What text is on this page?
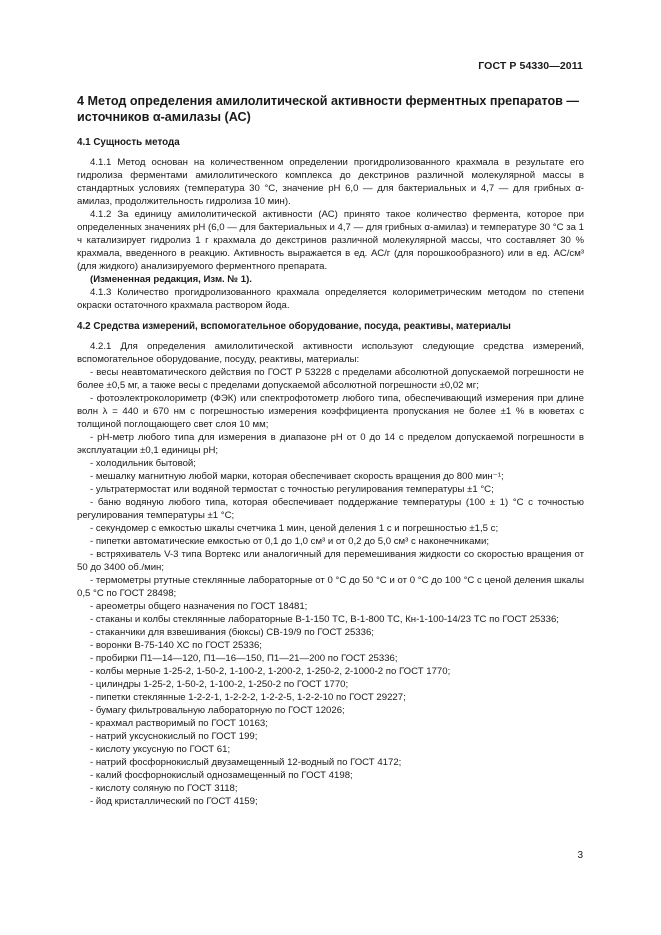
ГОСТ Р 54330—2011
4 Метод определения амилолитической активности ферментных препаратов — источников α-амилазы (АС)
4.1 Сущность метода

4.1.1 Метод основан на количественном определении прогидролизованного крахмала в результате его гидролиза ферментами амилолитического комплекса до декстринов различной молекулярной массы в стандартных условиях (температура 30 °С, значение рН 6,0 — для бактериальных и 4,7 — для грибных α-амилаз, продолжительность гидролиза 10 мин).

4.1.2 За единицу амилолитической активности (АС) принято такое количество фермента, которое при определенных значениях рН (6,0 — для бактериальных и 4,7 — для грибных α-амилаз) и температуре 30 °С за 1 ч катализирует гидролиз 1 г крахмала до декстринов различной молекулярной массы, что составляет 30 % крахмала, введенного в реакцию. Активность выражается в ед. АС/г (для порошкообразного) или в ед. АС/см³ (для жидкого) анализируемого ферментного препарата.

(Измененная редакция, Изм. № 1).

4.1.3 Количество прогидролизованного крахмала определяется колориметрическим методом по степени окраски остаточного крахмала раствором йода.

4.2 Средства измерений, вспомогательное оборудование, посуда, реактивы, материалы

4.2.1 Для определения амилолитической активности используют следующие средства измерений, вспомогательное оборудование, посуду, реактивы, материалы:

- весы неавтоматического действия по ГОСТ Р 53228 с пределами абсолютной допускаемой погрешности не более ±0,5 мг, а также весы с пределами допускаемой абсолютной погрешности ±0,02 мг;

- фотоэлектроколориметр (ФЭК) или спектрофотометр любого типа, обеспечивающий измерения при длине волн λ = 440 и 670 нм с погрешностью измерения коэффициента пропускания не более ±1 % в кюветах с толщиной поглощающего свет слоя 10 мм;

- рН-метр любого типа для измерения в диапазоне рН от 0 до 14 с пределом допускаемой погрешности в эксплуатации ±0,1 единицы рН;

- холодильник бытовой;

- мешалку магнитную любой марки, которая обеспечивает скорость вращения до 800 мин⁻¹;

- ультратермостат или водяной термостат с точностью регулирования температуры ±1 °С;

- баню водяную любого типа, которая обеспечивает поддержание температуры (100 ± 1) °С с точностью регулирования температуры ±1 °С;

- секундомер с емкостью шкалы счетчика 1 мин, ценой деления 1 с и погрешностью ±1,5 с;

- пипетки автоматические емкостью от 0,1 до 1,0 см³ и от 0,2 до 5,0 см³ с наконечниками;

- встряхиватель V-3 типа Вортекс или аналогичный для перемешивания жидкости со скоростью вращения от 50 до 3400 об./мин;

- термометры ртутные стеклянные лабораторные от 0 °С до 50 °С и от 0 °С до 100 °С с ценой деления шкалы 0,5 °С по ГОСТ 28498;

- ареометры общего назначения по ГОСТ 18481;

- стаканы и колбы стеклянные лабораторные В-1-150 ТС, В-1-800 ТС, Кн-1-100-14/23 ТС по ГОСТ 25336;

- стаканчики для взвешивания (бюксы) СВ-19/9 по ГОСТ 25336;

- воронки В-75-140 ХС по ГОСТ 25336;

- пробирки П1—14—120, П1—16—150, П1—21—200 по ГОСТ 25336;

- колбы мерные 1-25-2, 1-50-2, 1-100-2, 1-200-2, 1-250-2, 2-1000-2 по ГОСТ 1770;

- цилиндры 1-25-2, 1-50-2, 1-100-2, 1-250-2 по ГОСТ 1770;

- пипетки стеклянные 1-2-2-1, 1-2-2-2, 1-2-2-5, 1-2-2-10 по ГОСТ 29227;

- бумагу фильтровальную лабораторную по ГОСТ 12026;

- крахмал растворимый по ГОСТ 10163;

- натрий уксуснокислый по ГОСТ 199;

- кислоту уксусную по ГОСТ 61;

- натрий фосфорнокислый двузамещенный 12-водный по ГОСТ 4172;

- калий фосфорнокислый однозамещенный по ГОСТ 4198;

- кислоту соляную по ГОСТ 3118;

- йод кристаллический по ГОСТ 4159;

3
